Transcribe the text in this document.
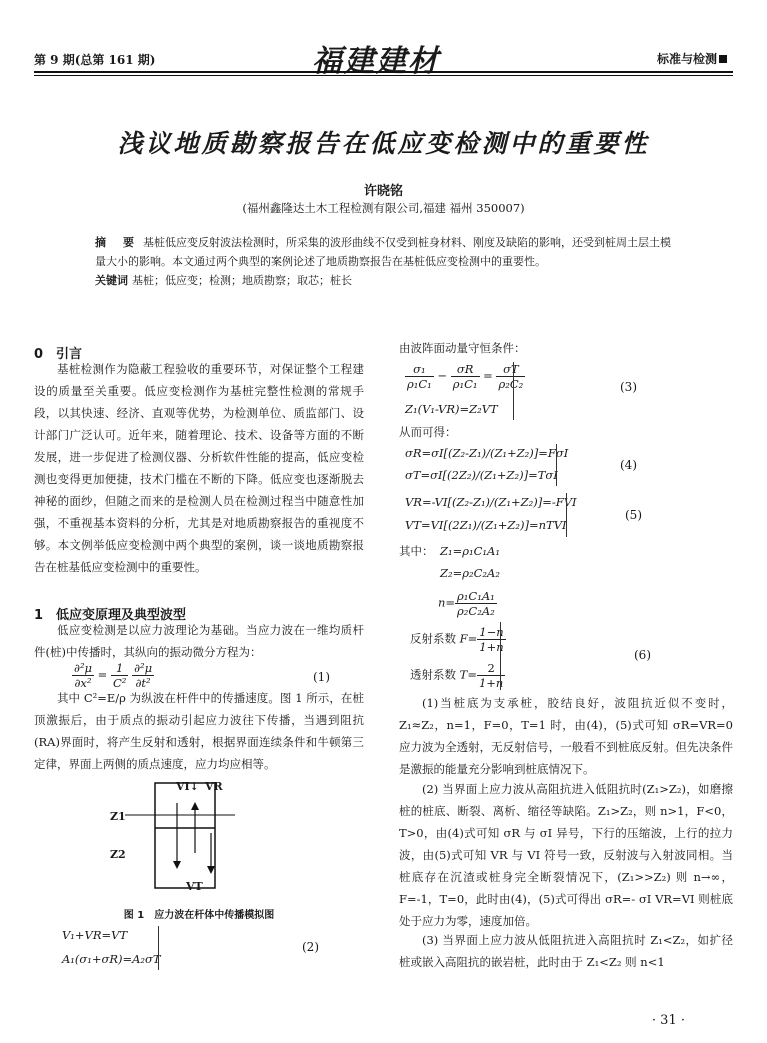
第 9 期(总第 161 期)	福建建材	标准与检测
浅议地质勘察报告在低应变检测中的重要性
许晓铭
(福州鑫隆达土木工程检测有限公司,福建 福州 350007)
摘　要 基桩低应变反射波法检测时，所采集的波形曲线不仅受到桩身材料、刚度及缺陷的影响，还受到桩周土层土模量大小的影响。本文通过两个典型的案例论述了地质勘察报告在基桩低应变检测中的重要性。
关键词 基桩；低应变；检测；地质勘察；取芯；桩长
0　引言

基桩检测作为隐蔽工程验收的重要环节，对保证整个工程建设的质量至关重要。低应变检测作为基桩完整性检测的常规手段，以其快速、经济、直观等优势，为检测单位、质监部门、设计部门广泛认可。近年来，随着理论、技术、设备等方面的不断发展，进一步促进了检测仪器、分析软件性能的提高，低应变检测也变得更加便捷，技术门槛在不断的下降。低应变也逐渐脱去神秘的面纱，但随之而来的是检测人员在检测过程当中随意性加强，不重视基本资料的分析，尤其是对地质勘察报告的重视度不够。本文例举低应变检测中两个典型的案例，谈一谈地质勘察报告在桩基低应变检测中的重要性。

1　低应变原理及典型波型

低应变检测是以应力波理论为基础。当应力波在一维均质杆件(桩)中传播时，其纵向的振动微分方程为：

$\frac{\text{∂²μ}}{\text{∂x²}} = \frac{1}{\text{C²}}$
$\frac{\text{∂²μ}}{\text{∂t²}}$	(1)

其中 C²=E/ρ 为纵波在杆件中的传播速度。图 1 所示，在桩顶激振后，由于质点的振动引起应力波往下传播，当遇到阻抗(RA)界面时，将产生反射和透射，根据界面连续条件和牛顿第三定律，界面上两侧的质点速度，应力均应相等。

VI↓ VR
Z1
Z2
VT
图 1　应力波在杆体中传播模拟图
V₁+VR=VT
A₁(σ₁+σR)=A₂σT
(2)

由波阵面动量守恒条件：

$\frac{\text{σ₁}}{\text{ρ₁C₁}} - \frac{\sigma R}{\text{ρ₁C₁}} = \frac{\sigma T}{\text{ρ₂C₂}}$
Z₁(V₁-VR)=Z₂VT
(3)

从而可得：

σR=σI[(Z₂-Z₁)/(Z₁+Z₂)]=FσI
σT=σI[(2Z₂)/(Z₁+Z₂)]=TσI
(4)
VR=-VI[(Z₂-Z₁)/(Z₁+Z₂)]=-FVI
VT=VI[(2Z₁)/(Z₁+Z₂)]=nTVI
(5)
其中： Z₁=ρ₁C₁A₁
Z₂=ρ₂C₂A₂
$n= \frac{\text{ρ₁C₁A₁}}{\text{ρ₂C₂A₂}}$
反射系数 $F= \frac{1-n}{1+n}$
透射系数 $T= \frac{2}{1+n}$
(6)

(1)当桩底为支承桩，胶结良好，波阻抗近似不变时，Z₁≈Z₂，n=1，F=0，T=1 时，由(4)，(5)式可知 σR=VR=0 应力波为全透射，无反射信号，一般看不到桩底反射。但先决条件是激振的能量充分影响到桩底情况下。

(2) 当界面上应力波从高阻抗进入低阻抗时(Z₁>Z₂)，如磨擦桩的桩底、断裂、离析、缩径等缺陷。Z₁>Z₂，则 n>1，F<0，T>0，由(4)式可知 σR 与 σI 异号，下行的压缩波，上行的拉力波，由(5)式可知 VR 与 VI 符号一致，反射波与入射波同相。当桩底存在沉渣或桩身完全断裂情况下，(Z₁>>Z₂) 则 n→∞，F=-1，T=0，此时由(4)，(5)式可得出 σR=- σI VR=VI 则桩底处于应力为零，速度加倍。

(3) 当界面上应力波从低阻抗进入高阻抗时 Z₁<Z₂，如扩径桩或嵌入高阻抗的嵌岩桩，此时由于 Z₁<Z₂ 则 n<1

· 31 ·
